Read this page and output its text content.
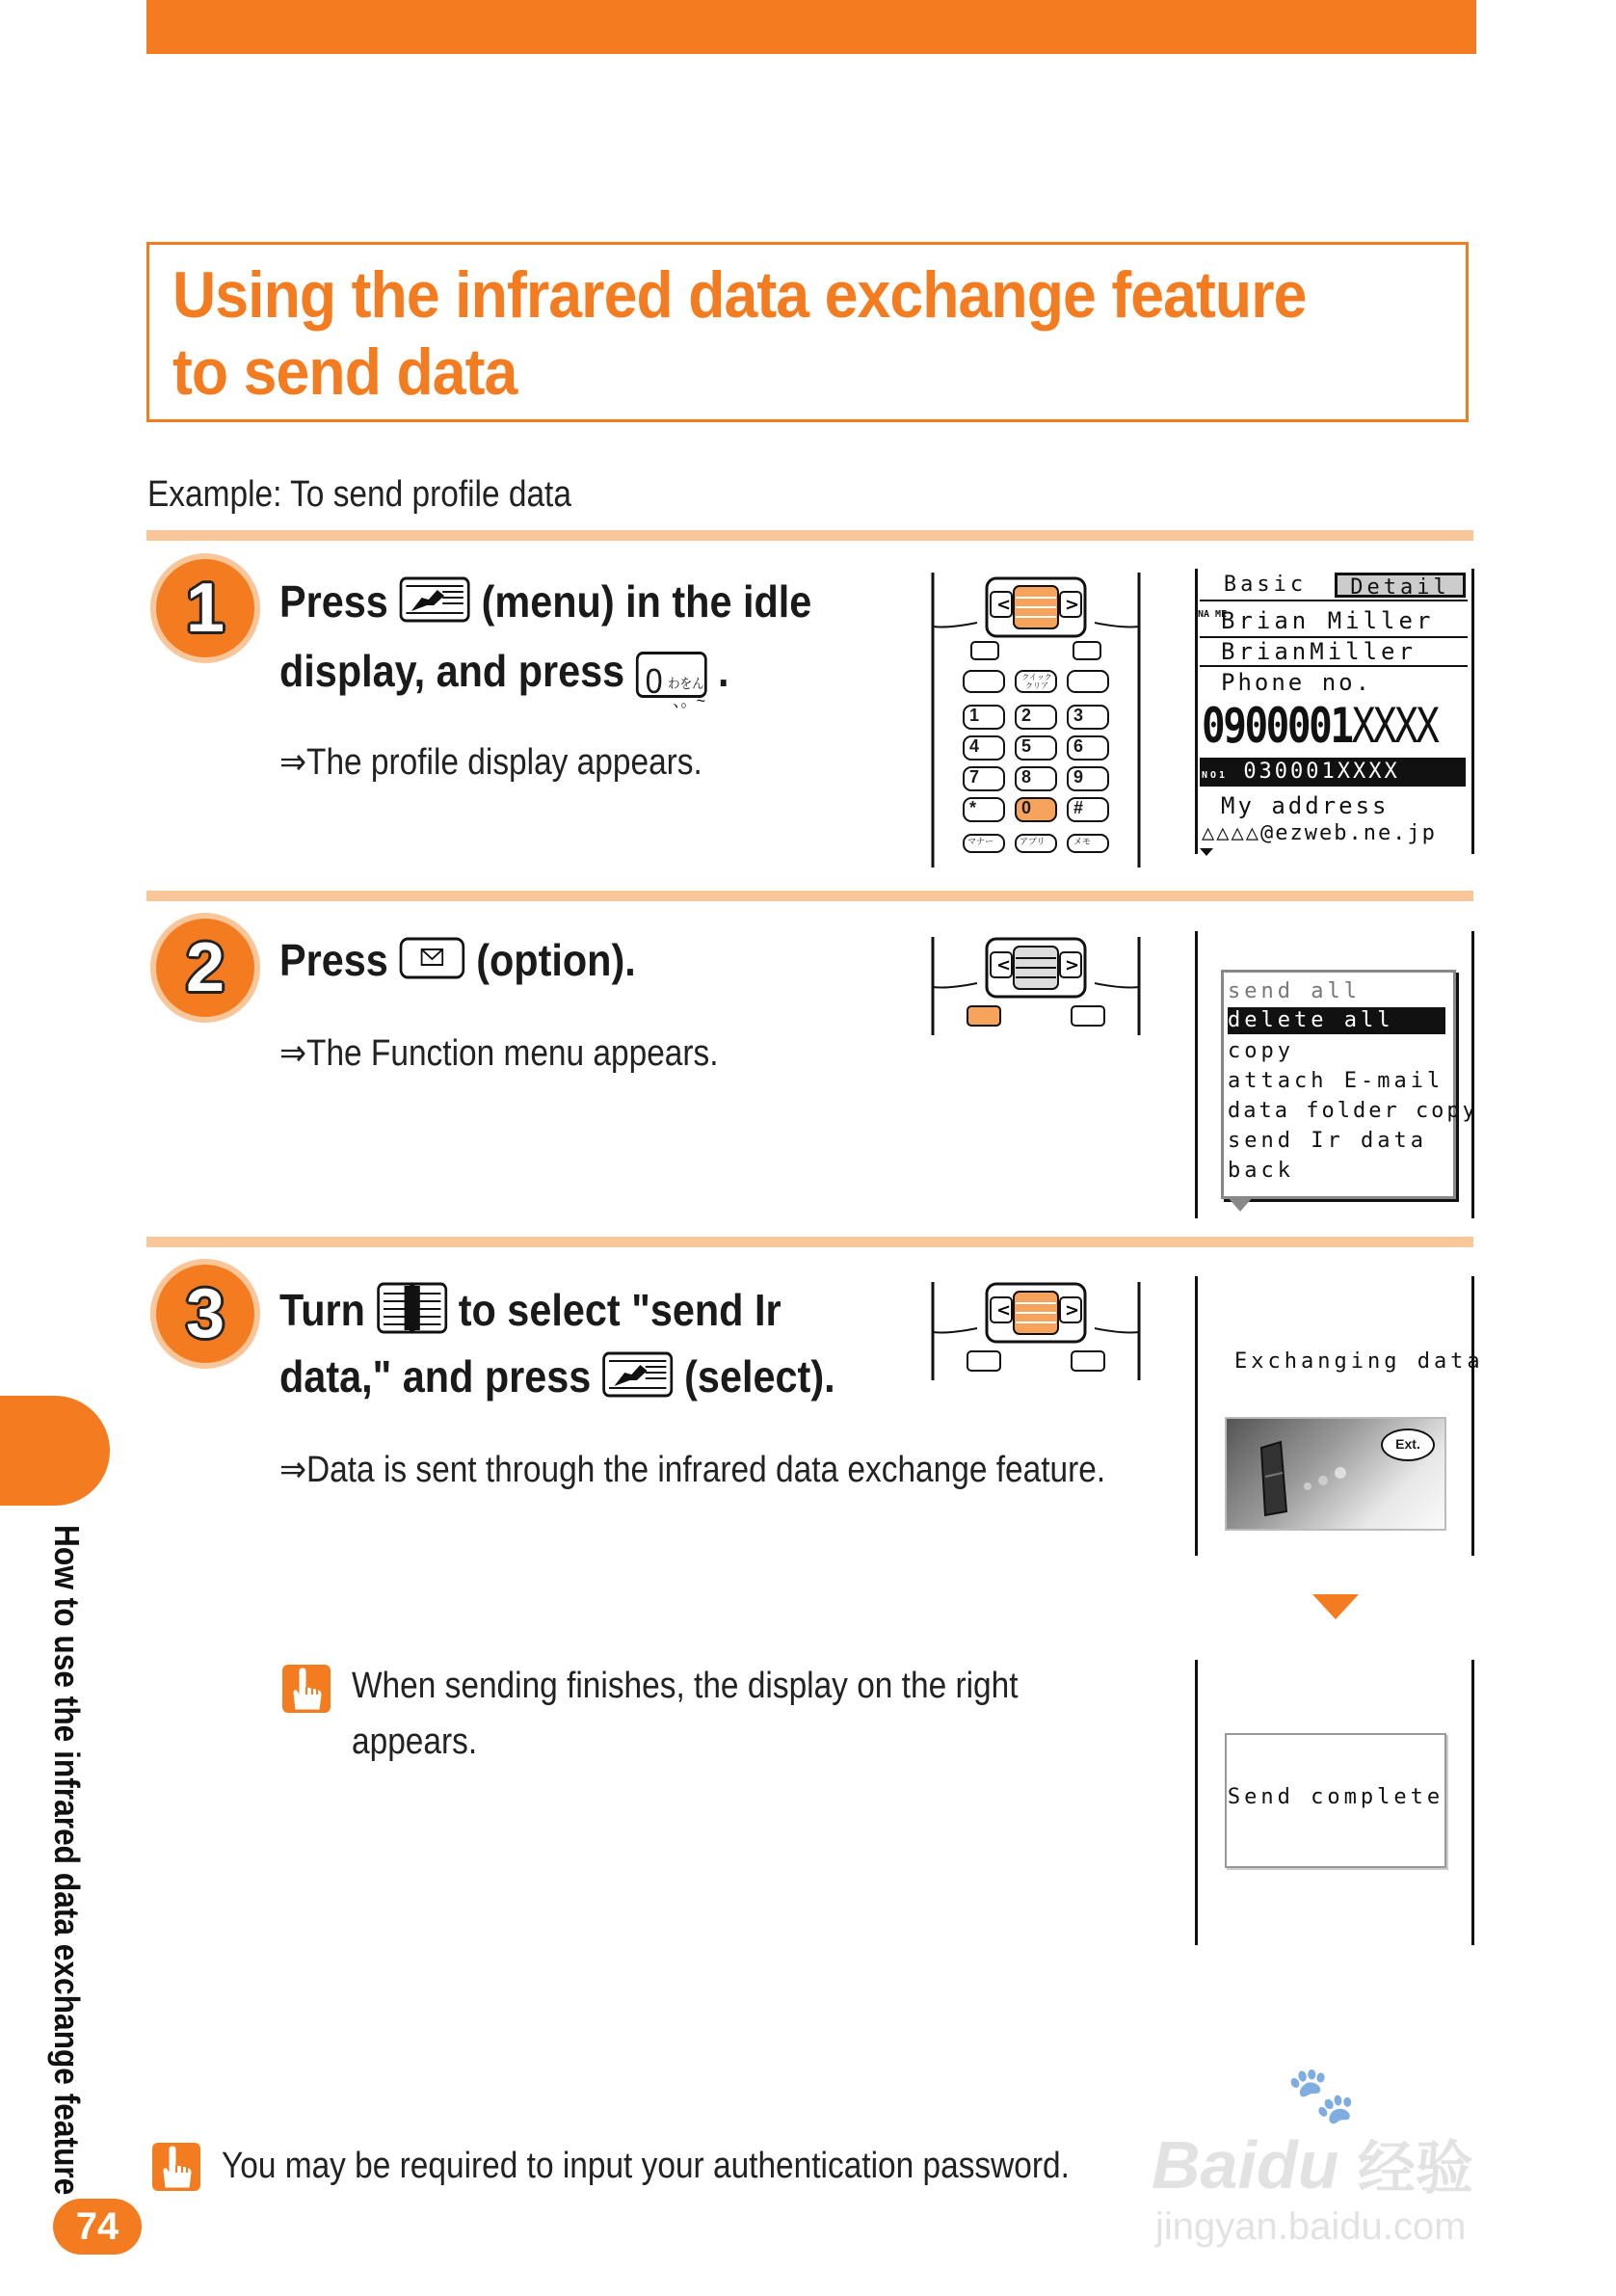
Using the infrared data exchange feature
to send data
Example: To send profile data
1	Press (menu) in the idle
display, and press 0 わをん
、。~
.
⇒The profile display appears.
<	>
1 2 3
4 5 6
7 8 9
*	0 #
マナー	アプリ	メモ
クイック
クリア
Basic	Detail
NA ME
Brian Miller
BrianMiller
Phone no.
0900001XXXX
NO1 030001XXXX
My address
△△△△@ezweb.ne.jp
2	Press (option).
⇒The Function menu appears.
<	>
send all
delete all
copy
attach E-mail
data folder copy
send Ir data
back
3	Turn to select "send Ir
data," and press (select).
⇒Data is sent through the infrared data exchange feature.
<	>
Exchanging data
Ext.
Send complete
When sending finishes, the display on the right
appears.
You may be required to input your authentication password.
How to use the infrared data exchange feature
74
🐾
Baidu 经验
jingyan.baidu.com
